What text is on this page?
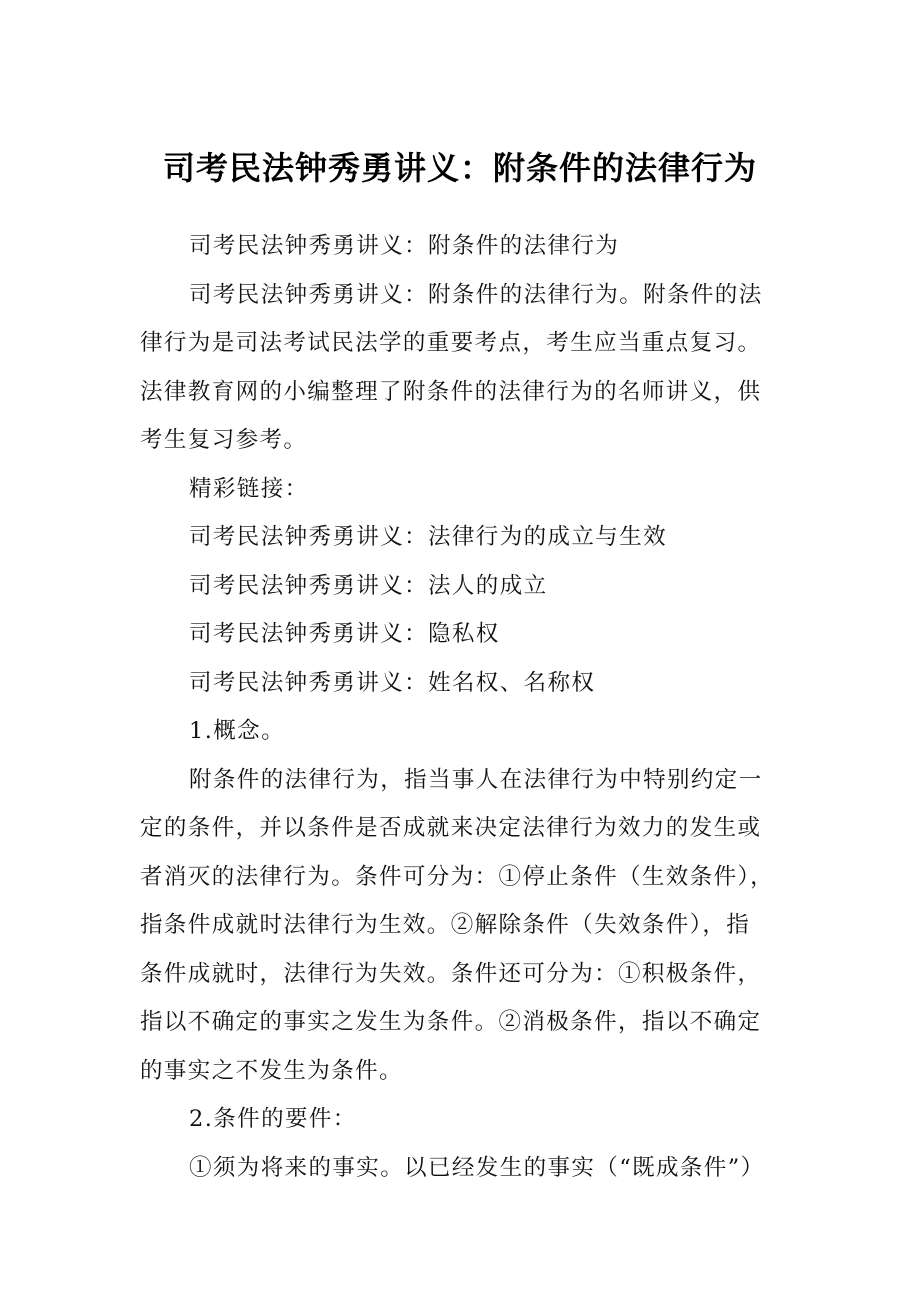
司考民法钟秀勇讲义：附条件的法律行为
司考民法钟秀勇讲义：附条件的法律行为
司考民法钟秀勇讲义：附条件的法律行为。附条件的法
律行为是司法考试民法学的重要考点，考生应当重点复习。
法律教育网的小编整理了附条件的法律行为的名师讲义，供
考生复习参考。
精彩链接：
司考民法钟秀勇讲义：法律行为的成立与生效
司考民法钟秀勇讲义：法人的成立
司考民法钟秀勇讲义：隐私权
司考民法钟秀勇讲义：姓名权、名称权
1.概念。
附条件的法律行为，指当事人在法律行为中特别约定一
定的条件，并以条件是否成就来决定法律行为效力的发生或
者消灭的法律行为。条件可分为：①停止条件（生效条件），
指条件成就时法律行为生效。②解除条件（失效条件），指
条件成就时，法律行为失效。条件还可分为：①积极条件，
指以不确定的事实之发生为条件。②消极条件，指以不确定
的事实之不发生为条件。
2.条件的要件：
①须为将来的事实。以已经发生的事实（“既成条件”）
